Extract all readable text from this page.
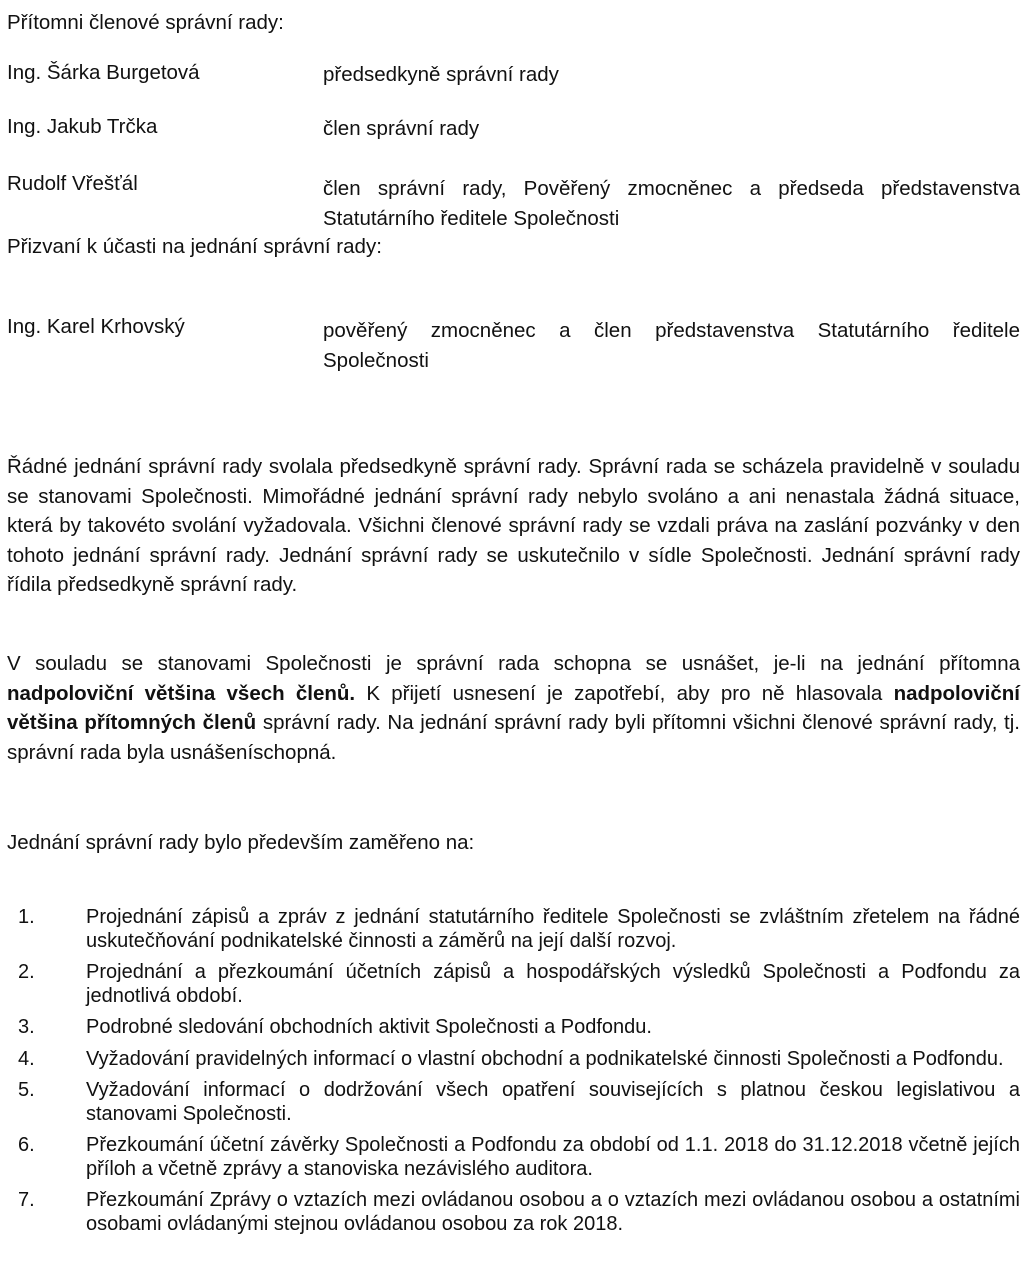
Přítomni členové správní rady:
Ing. Šárka Burgetová	předsedkyně správní rady
Ing. Jakub Trčka	člen správní rady
Rudolf Vřešťál	člen správní rady, Pověřený zmocněnec a předseda představenstva Statutárního ředitele Společnosti
Přizvaní k účasti na jednání správní rady:
Ing. Karel Krhovský	pověřený zmocněnec a člen představenstva Statutárního ředitele Společnosti
Řádné jednání správní rady svolala předsedkyně správní rady. Správní rada se scházela pravidelně v souladu se stanovami Společnosti. Mimořádné jednání správní rady nebylo svoláno a ani nenastala žádná situace, která by takovéto svolání vyžadovala. Všichni členové správní rady se vzdali práva na zaslání pozvánky v den tohoto jednání správní rady. Jednání správní rady se uskutečnilo v sídle Společnosti. Jednání správní rady řídila předsedkyně správní rady.
V souladu se stanovami Společnosti je správní rada schopna se usnášet, je-li na jednání přítomna nadpoloviční většina všech členů. K přijetí usnesení je zapotřebí, aby pro ně hlasovala nadpoloviční většina přítomných členů správní rady. Na jednání správní rady byli přítomni všichni členové správní rady, tj. správní rada byla usnášeníschopná.
Jednání správní rady bylo především zaměřeno na:
1.	Projednání zápisů a zpráv z jednání statutárního ředitele Společnosti se zvláštním zřetelem na řádné uskutečňování podnikatelské činnosti a záměrů na její další rozvoj.
2.	Projednání a přezkoumání účetních zápisů a hospodářských výsledků Společnosti a Podfondu za jednotlivá období.
3.	Podrobné sledování obchodních aktivit Společnosti a Podfondu.
4.	Vyžadování pravidelných informací o vlastní obchodní a podnikatelské činnosti Společnosti a Podfondu.
5.	Vyžadování informací o dodržování všech opatření souvisejících s platnou českou legislativou a stanovami Společnosti.
6.	Přezkoumání účetní závěrky Společnosti a Podfondu za období od 1.1. 2018 do 31.12.2018 včetně jejích příloh a včetně zprávy a stanoviska nezávislého auditora.
7.	Přezkoumání Zprávy o vztazích mezi ovládanou osobou a o vztazích mezi ovládanou osobou a ostatními osobami ovládanými stejnou ovládanou osobou za rok 2018.
